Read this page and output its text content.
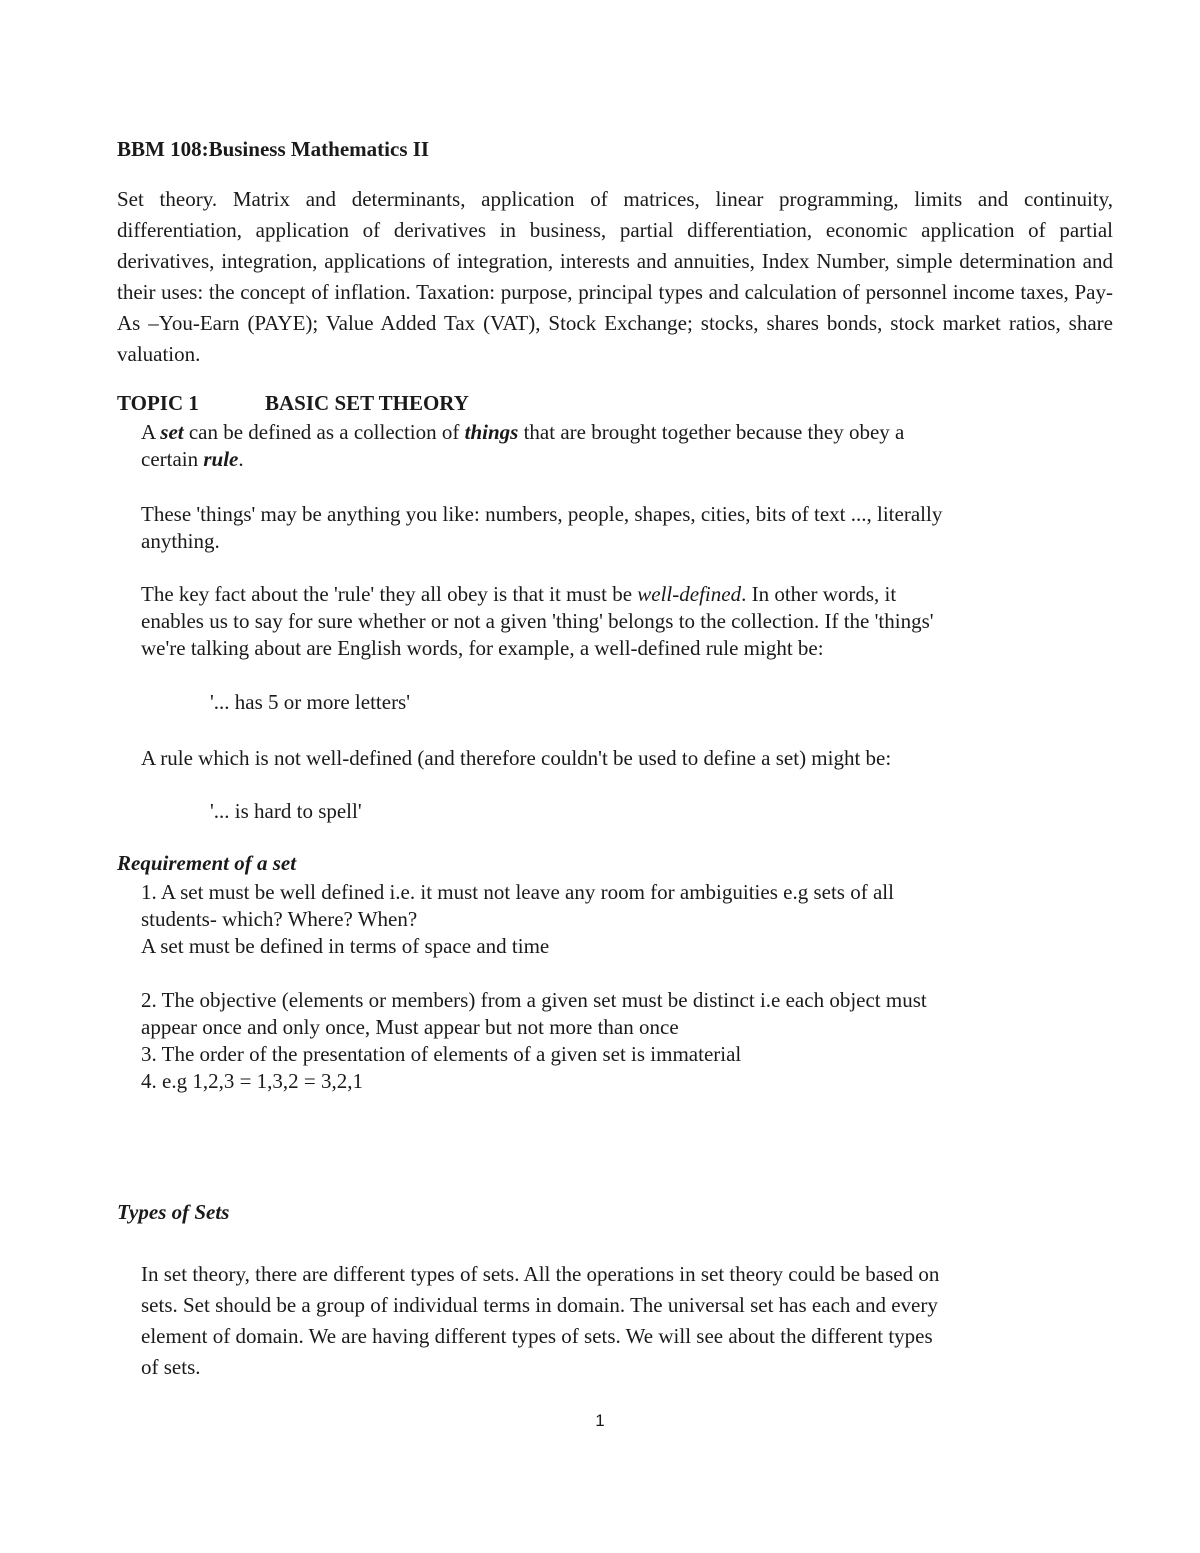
BBM 108:Business Mathematics II
Set theory. Matrix and determinants, application of matrices, linear programming, limits and continuity, differentiation, application of derivatives in business, partial differentiation, economic application of partial derivatives, integration, applications of integration, interests and annuities, Index Number, simple determination and their uses: the concept of inflation. Taxation: purpose, principal types and calculation of personnel income taxes, Pay- As –You-Earn (PAYE); Value Added Tax (VAT), Stock Exchange; stocks, shares bonds, stock market ratios, share valuation.
TOPIC 1	BASIC SET THEORY
A set can be defined as a collection of things that are brought together because they obey a
certain rule.
These 'things' may be anything you like: numbers, people, shapes, cities, bits of text ..., literally
anything.
The key fact about the 'rule' they all obey is that it must be well-defined. In other words, it
enables us to say for sure whether or not a given 'thing' belongs to the collection. If the 'things'
we're talking about are English words, for example, a well-defined rule might be:
'... has 5 or more letters'
A rule which is not well-defined (and therefore couldn't be used to define a set) might be:
'... is hard to spell'
Requirement of a set
1. A set must be well defined i.e. it must not leave any room for ambiguities e.g sets of all
students- which? Where? When?
A set must be defined in terms of space and time
2. The objective (elements or members) from a given set must be distinct i.e each object must
appear once and only once, Must appear but not more than once
3. The order of the presentation of elements of a given set is immaterial
4. e.g 1,2,3 = 1,3,2 = 3,2,1
Types of Sets
In set theory, there are different types of sets. All the operations in set theory could be based on
sets. Set should be a group of individual terms in domain. The universal set has each and every
element of domain. We are having different types of sets. We will see about the different types
of sets.
1
